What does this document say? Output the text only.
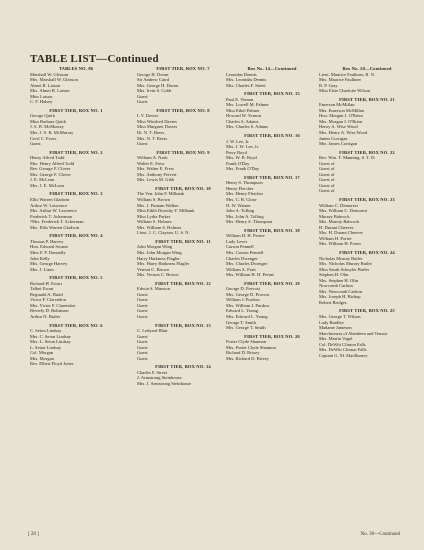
TABLE LIST—Continued
TABLES NO. 86
Marshall W. Gleason
Mrs. Marshall W. Gleason
Almet R. Latson
Mrs. Almet R. Latson
Miss Latson
C. F. Halsey
FIRST TIER, BOX NO. 1
George Quirk
Miss Barbara Quirk
J. S. B. McMurray
Mrs. J. S. B. McMurray
Cecil C. Evers
Guest
FIRST TIER, BOX NO. 2
Henry Alfred Todd
Mrs. Henry Alfred Todd
Rev. George F. Clover
Mrs. George F. Clover
J. E. McLean
Mrs. J. E. McLean
FIRST TIER, BOX NO. 3
Ellis Warren Gladwin
Arthur W. Lawrence
Mrs. Arthur W. Lawrence
Frederick T. Ackerman
?Mrs. Frederick T. Ackerman
Mrs. Ellis Warren Gladwin
FIRST TIER, BOX NO. 4
Thomas P. Harvey
Hon. Edward Swann
Miss F. P. Donnelly
John Kelly
Mrs. George Harvey
Mrs. J. Lines
FIRST TIER, BOX NO. 5
Richard H. Ewart
Talbot Ewart
Reginald A. Budd
Victor F. Clarendon
Mrs. Victor F. Clarendon
Beverly D. Robinson
Arthur N. Butler
FIRST TIER, BOX NO. 6
C. Seton Lindsay
Mrs. C. Seton Lindsay
Mrs. L. Seton Lindsay
L. Seton Lindsay
Col. Morgan
Mrs. Morgan
Rev. Elbert Floyd Jones
FIRST TIER, BOX NO. 7
George H. Doran
Sir Andrew Caird
Mrs. George H. Doran
Mrs. Irvin S. Cobb
Guest
Guest
FIRST TIER, BOX NO. 8
I. V. Davies
Miss Winifred Davies
Miss Margaret Davies
Dr. N. T. Beers
Mrs. N. T. Beers
Guest
FIRST TIER, BOX NO. 9
William A. Nash
Walter E. Frew
Mrs. Walter E. Frew
Mrs. Anthony Prevert
Mrs. Lewis M. Gibb
FIRST TIER, BOX NO. 10
The Ven. John F. Milbank
William S. Brown
Mrs. J. Putnam Walker
Miss Edith Dorothy Y. Milbank
Miss Lydia Parker
William S. Holmes
Mrs. William S. Holmes
Lieut. J. C. Clayton, U. S. N.
FIRST TIER, BOX NO. 11
John Morgan Wing
Mrs. John Morgan Wing
Harry Harkness Flagler
Mrs. Harry Harkness Flagler
Vernon C. Brown
Mrs. Vernon C. Brown
FIRST TIER, BOX NO. 12
Edwin S. Marston
Guest
Guest
Guest
Guest
Guest
FIRST TIER, BOX NO. 13
C. Ledyard Blair
Guest
Guest
Guest
Guest
Guest
FIRST TIER, BOX NO. 14
Charles F. Street
J. Armstrong Steinhouse
Mrs. J. Armstrong Steinhouse
Box No. 14—Continued
Leonidas Dennis
Mrs. Leonidas Dennis
Mrs. Charles F. Street
FIRST TIER, BOX NO. 15
Paul E. Vernon
Mrs. Lowell M. Palmer
Miss Ethel Palmer
Howard W. Vernon
Charles S. Adams
Mrs. Charles S. Adams
FIRST TIER, BOX NO. 16
J. W. Lee, Jr.
Mrs. J. W. Lee, Jr.
Perry Boyd
Mrs. W. B. Boyd
Frank O'Day
Mrs. Frank O'Day
FIRST TIER, BOX NO. 17
Henry S. Thompson
Henry Fletcher
Mrs. Henry Fletcher
Mrs. C. B. Close
H. W. Warner
John A. Tolling
Mrs. John A. Tolling
Mrs. Henry S. Thompson
FIRST TIER, BOX NO. 18
William H. H. Perine
Lady Lever
Carson Pennell
Mrs. Carson Pennell
Charles Dwenger
Mrs. Charles Dwenger
William A. Pratt
Mrs. William H. H. Perine
FIRST TIER, BOX NO. 19
George D. Provost
Mrs. George D. Provost
William J. Purdow
Mrs. William J. Purdow
Edward L. Young
Mrs. Edward L. Young
George T. Smith
Mrs. George T. Smith
FIRST TIER, BOX NO. 20
Porter Clyde Shannon
Mrs. Porter Clyde Shannon
Richard D. Brixey
Mrs. Richard D. Brixey
Box No. 20—Continued
Lieut. Maurice Faulkner, R. N.
Mrs. Maurice Faulkner
R. P. Gray
Miss Elsie Charlotte Wilson
FIRST TIER, BOX NO. 21
Emerson McMillan
Mrs. Emerson McMillan
Hon. Morgan J. O'Brien
Mrs. Morgan J. O'Brien
Henry A. Wise Wood
Mrs. Henry A. Wise Wood
James Corrigan
Mrs. James Corrigan
FIRST TIER, BOX NO. 22
Rev. Wm. T. Manning, S. T. D.
Guest of
Guest of
Guest of
Guest of
Guest of
Guest of
FIRST TIER, BOX NO. 23
William C. Demorest
Mrs. William C. Demorest
Murray Babcock
Mrs. Murray Babcock
H. Durant Cheever
Mrs. H. Durant Cheever
William H. Porter
Mrs. William H. Porter
FIRST TIER, BOX NO. 24
Nicholas Murray Butler
Mrs. Nicholas Murray Butler
Miss Sarah Schuyler Butler
Stephen H. Olin
Mrs. Stephen H. Olin
Nowcomb Carlton
Mrs. Newcomb Carlton
Mrs. Joseph H. Bishop
Robert Bridges
FIRST TIER, BOX NO. 25
Mrs. George T. Wilson
Lady Bradley
Madame Jameson
Marchioness of Aberdeen and Temair
Mrs. Martin Vogel
Col. DeWitt Clinton Falls
Mrs. DeWitt Clinton Falls
Captain G. M. MacBurney
[ 28 ]	No. 30—Continued
